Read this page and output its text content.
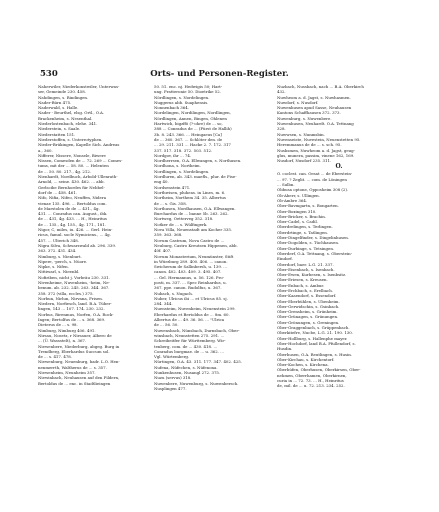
Orts- und Personen-Register.
530
Naherwiler, Niederkonstwiler, Unterwas-
ser, Gemeinde 230. 458.
Nahdingen, s. Rindingen.
Nader-Bürn 475.
Naderwald, s. Halle.
Nader - Beurthel, elsg. Ortl., O.A.
Brackenheim, s. Nesenthal.
Niederlostenbach, elehe. 341.
Niederstein, s. Saale.
Niederstatten 151.
Niederstoffen, s. Unterrotyphen.
Nieder-Brükingen, Kapelle Sich. Andreas
a., 360.
Nifferer, Nissere, Nonsele, Biwere
Nissen, Comesden de ... 72. 269 ... Comes-
tums, mit der ... 58. 80. ... Helenten
de ... 50. 80. 217., 4g. 212.
Nienhardt, Nordbuch, Arbold-Ullenrath-
Arnold, ... seine. 430. 462. ... abb.
Gerlscibe Bernhordes für Nebbel-
dorf de ... 458. 461.
Nifo, Nifia, Nifeo, Neuffen, Nidera
vienae 135. 496. ... Bertoldus com.
de Marstolen de de ... 431., 4g.
431. ... Conradus can. August., ibk.
de ... 431, 4g. 433. ... H., Heinritus
de ... 135., 4g. 155., 4g. 171., 181.
Nigor, C, miles, iu. 426. ... Gerl. Hein-
ricus, famul. socle Nymiciens., ... 4g.
457. ... Ulterich 348.
Nigra Silva, Schwarzwald ab. 296. 339.
363. 372. 431. 434.
Nimburg, s. Nienburt.
Nipere, -perch, s. Nüore.
Nipke, s. Nifen.
Nittiwarl, s. Nieenbl.
Nofiriben, nicht j. Vorbräu 230. 331.
Nivenheime, Nuvenheim, -heim, Ne-
benum. ab. 232. 245. 263. 344. 367.
358. 372 (villa, eccles.) 375.
Norbun, Nirlun, Nirvana, Frisen.
Niedern, Norfiesch, land. B.A. Tüber-
lingen, 143 ... 107. 174. 230. 232.
Norbus, Rirenmus, Norfen, O.A. Rock-
Ingen; Bertolfus de ... s. 368. 369.
Dieterus de ... s. 98.
Nimburg, Nimburg 406. 491.
Nirsau, Nosetz, r Nirsauer, Albero de
... (Ü. Wassstelt), n. 367.
Niewenbere, Niederburg, abgeg. Burg in
Trendberg, Eberhardus Succum sol.
de ... s. 417. 478.
Niewenburg, Neuenburg, badr. L.O. Hen-
nenmerrth, Waltherus de ... s. 357.
Niewenheim, Neunheim 357.
Niewinbach, Neuhausen auf den Fildern,
Bertoldus de ... enc. in Stadtlieingen
50. 51. enc. nj. Hedwigis 50; Hart-
ung. Fratteronie 50. Dioetrike 52.
Nördlingen, s. Nordelingen.
Nuggerus abb. Suaphensis.
Nonnenbach 364.
Nordelingen, Nordilingen, Nordlingen,
Nördlingen, Annen, Bingen, Ohlenen
Hartwich, bigzffö (?-ohre) de ... so,
388 ... Conradus de ... (Fürst de Hallih)
3b. 8. 243. 366. ... Heingaeus [Ca]
de ... 360. 367. ... Schlöter den. de
... 29. 211. 331 ... Hacke 2. 7. 172. 317
337. 517. 318. 372. 503. 512.
Nordgov, ihr ... 74.
Nordherrsen, O.A. Ellwangen, s. Northusen.
Nordhona, s. Northeim.
Nordlingen, s. Nordelingen.
Nordluren, ab. 343. maefls., plur. de Fise-
eng 40.
Nordsenstein 471.
Northwisen, pluheas. in Lines, m. 6.
Northeim, Northem 34. 35. Albertus
de ... s. Gis. 358.
Northusen, Nordhausen, O.A. Ellwangen.
Burchardus de ... banne 5b. 263. 262.
Nortweg, Oetterveg 352. 318.
Notker de ... s. Wülfingerk.
Nova Villa, Neuenstadt am Kocher 335.
359. 363. 368.
Novum Castrum, Nova Castro de ...
Neuburg, Castro Kreutsen Hippenen, abb.
40f. 407.
Novum Monasterium, Neumünster, Stift
in Würzburg 289. 400. 406. ... canon.
Swicherum de Sallinbersh, u. 139. ...
canon. 402. 403. 409. 3. 495. 407.
... Gel. Hermannus, u. 56. 126. Pro-
posti, m. 337. ... Spec Reinhardus, u.
367. ppe. canon. Rudolfus, u. 367.
Nubach, s. Nugach.
Nuber, Ulricus ibi ... et Ulricus 85. sj.
284. 344.
Nuensteim, Nuvenheim, Neuenstein 299.
Eberhardus et Bertoldus de ... 8m. 60.
Albertus de ... 49. 36. 56. ... "Ulrica
de ... 56. 50.
Nuwensbach, Nünsbach, Durnsbach, Ober-
winsbach, Neunstetten 275. 291. ...
Schreibeitfer für Württemberg. Wir-
tenberg, com. de ... 430. 418. ...
Conradus burgmae. de ... u. 362. ...
Vgl. Würtemberg.
Nürtingen, O.A. 43. 311. 177. 347. 402. 425.
Nufena, Nüfechen, s. Nüfenona.
Nunkenhusen, Nusangl 272. 375.
Nuzu (servus) 318.
Nuwenbere, Nuwenburg, s. Nuwenbersch.
Nusplingen 477.
Nuzbach, Nussbach, nach ... B.A. Oberkirch
432.
Nuwheom a. d. Jagst, s. Nuwhasmen.
Nuwdorf, s. Nusdorf.
Nuwenhusen apud Sasse, Neuhausen
Kantons Schaffhausen 372. 373.
Nuwenburg, s. Nuwenbere.
Nuwenhusen, Neuhardt. O.A. Tettnang
328.
Nuwwsen, s. Nunmsbin.
Nuvenseiste, Nuvestein, Neuenstetten 95.
Heremmanus de de ... s. sch. 95.
Nushsmen, Nuwheom a. d. Jagst, geug-
glus, munera, passim, vinene 162, 169.
Nusdorf, Nusdorf 235. 311.
O.
O. coclest. can. Oesat ... de Eberstein-
... 97. ? Zeglit. ... com. de Löningen
... Sulbn.
Obbusa optone, Opposheim 308 (2).
Ob-Aberr, s. Ullingen.
Ob-Ambre 364.
Ober-Bavmgartn, s. Bongarten.
Ober-Boxingen 310.
Ober-Bricker, s. Brachin.
Ober-Cadel, s. Cadil.
Oberdrelingen, s. Terlingen.
Oberdrtinge, s. Tatlingen.
Ober-Dingelfinder, s. Dingelinhusen.
Ober-Dogolden, s. Tüchhausen.
Ober-Durbinge, s. Tetsingen.
Oberderf, O.A. Tettnang, s. Oberstein-
Eindorf.
Oberdorf, baer. L.G. 21. 337.
Ober-Eisenbach, s. Isenbach.
Ober-Ewen, Kurbesen, s. Isenbsitz.
Ober-Eriesen, s. Kreusen.
Ober-Enbach, s. Ambur.
Ober-Erchbach, s. Erelbach.
Ober-Kaaendorf, s. Essendorf.
Ober-Eberbühlen, s. Ubenheim.
Ober-Gerwidschin, s. Gsinbach.
Ober-Grensheim, s. Grünheim.
Ober-Grünagen, s. Grünungen.
Ober-Grönungen, s. Greningen.
Ober-Graggenbach, s. Grüppenbach.
Oberkitefre, Nucbe, L.G. 21. 190. 130.
Ober-Hollburg, s. Hallenphe mayer.
Ober-Hochdorf, land B.A. Pfullendorf, s.
Husdin.
Oberhusen, O.A. Reutlingen, s. Husin.
Ober-Kirchau, s. Kirchentorf.
Ober-Kochen, s. Kirchena.
Oberhüfen, Oberhusen, Oberkirsen, Ober-
nehmen, Oberrhamen, Oberkirnen,
curia in ... 72. 73. ... H., Heinritus
de, mil. de ... u. 72. 213. 234. 252.
